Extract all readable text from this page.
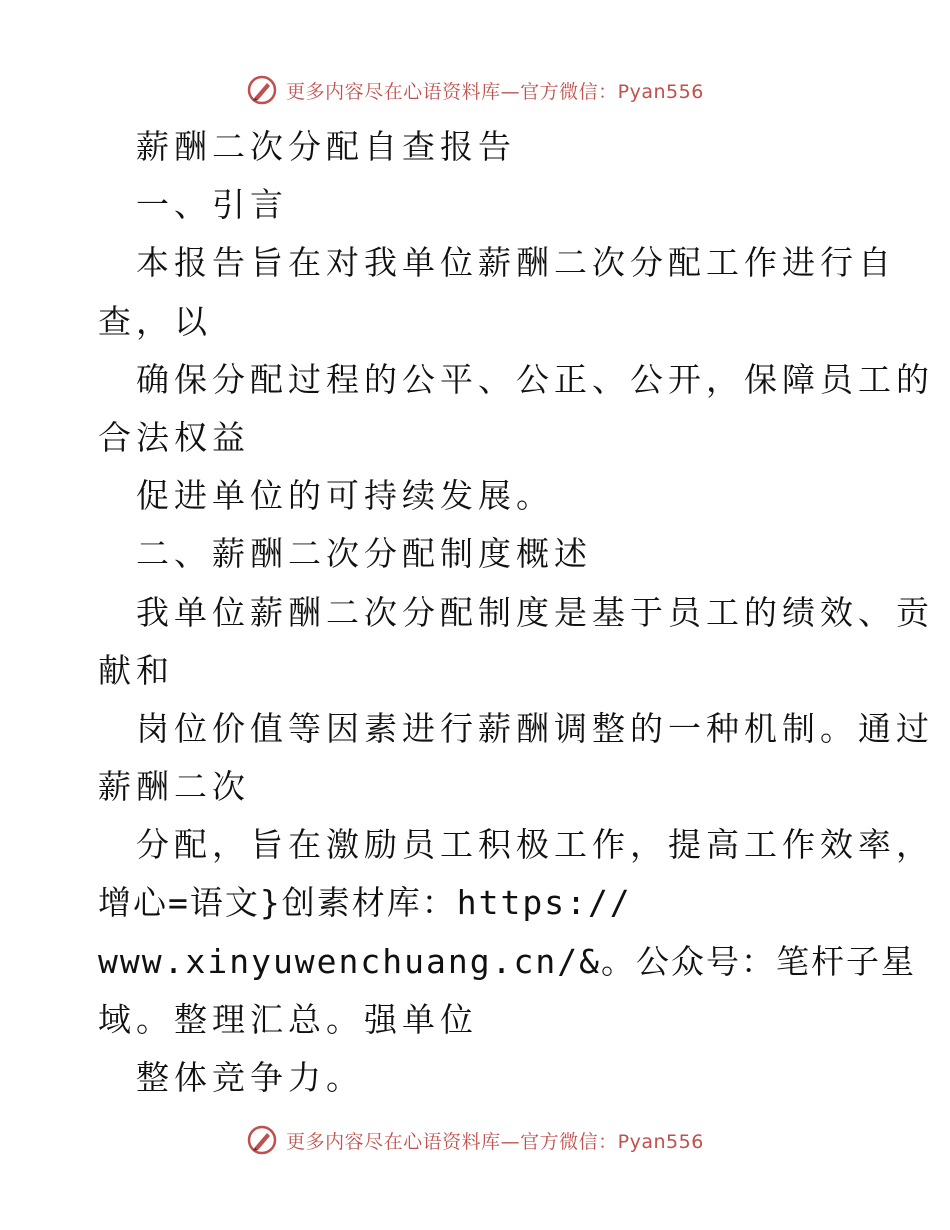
更多内容尽在心语资料库—官方微信：Pyan556
薪酬二次分配自查报告
一、引言
本报告旨在对我单位薪酬二次分配工作进行自
查，以
确保分配过程的公平、公正、公开，保障员工的
合法权益
促进单位的可持续发展。
二、薪酬二次分配制度概述
我单位薪酬二次分配制度是基于员工的绩效、贡
献和
岗位价值等因素进行薪酬调整的一种机制。通过
薪酬二次
分配，旨在激励员工积极工作，提高工作效率，
增心=语文}创素材库：https://
www.xinyuwenchuang.cn/&。公众号：笔杆子星
域。整理汇总。强单位
整体竞争力。
更多内容尽在心语资料库—官方微信：Pyan556
